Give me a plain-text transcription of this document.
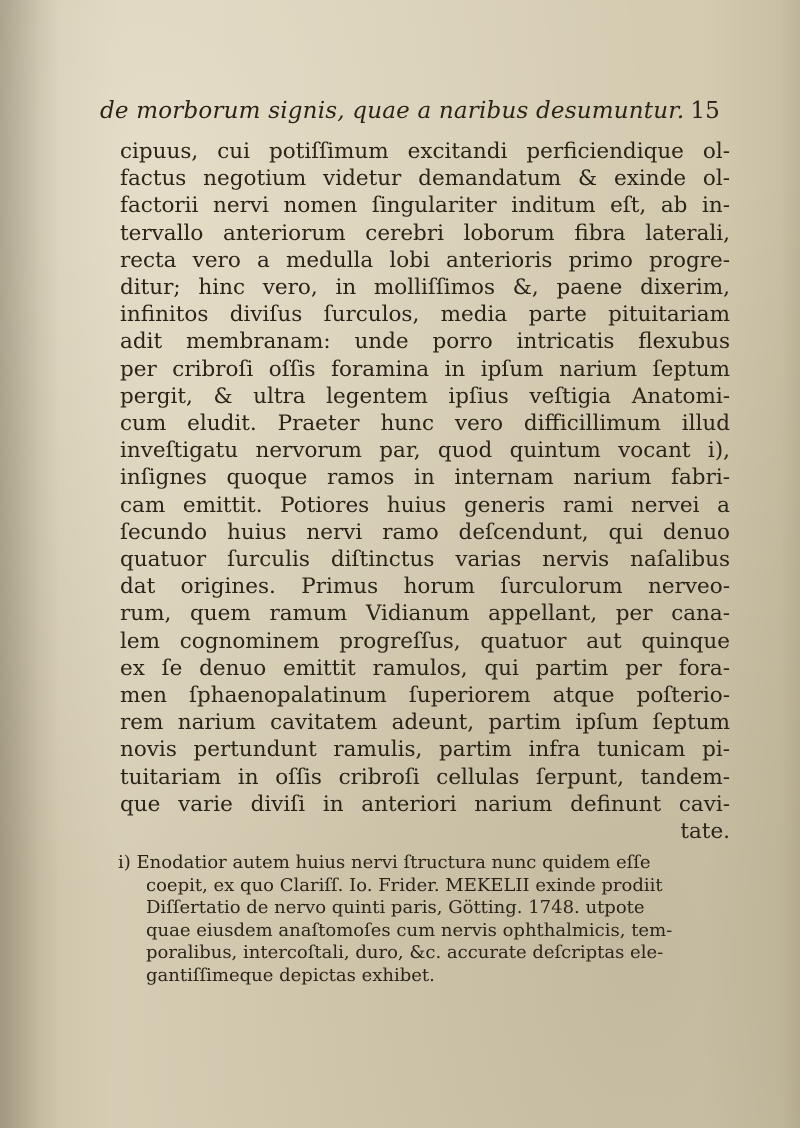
de morborum signis, quae a naribus desumuntur. 15
cipuus, cui potiſſimum excitandi perficiendique ol-
factus negotium videtur demandatum & exinde ol-
factorii nervi nomen ſingulariter inditum eſt, ab in-
tervallo anteriorum cerebri loborum fibra laterali,
recta vero a medulla lobi anterioris primo progre-
ditur; hinc vero, in molliſſimos &, paene dixerim,
infinitos diviſus ſurculos, media parte pituitariam
adit membranam: unde porro intricatis flexubus
per cribroſi oſſis foramina in ipſum narium ſeptum
pergit, & ultra legentem ipſius veſtigia Anatomi-
cum eludit. Praeter hunc vero difficillimum illud
inveſtigatu nervorum par, quod quintum vocant i),
inſignes quoque ramos in internam narium fabri-
cam emittit. Potiores huius generis rami nervei a
ſecundo huius nervi ramo deſcendunt, qui denuo
quatuor ſurculis diſtinctus varias nervis naſalibus
dat origines. Primus horum ſurculorum nerveo-
rum, quem ramum Vidianum appellant, per cana-
lem cognominem progreſſus, quatuor aut quinque
ex ſe denuo emittit ramulos, qui partim per fora-
men ſphaenopalatinum ſuperiorem atque poſterio-
rem narium cavitatem adeunt, partim ipſum ſeptum
novis pertundunt ramulis, partim infra tunicam pi-
tuitariam in oſſis cribroſi cellulas ſerpunt, tandem-
que varie diviſi in anteriori narium definunt cavi-
tate.
i) Enodatior autem huius nervi ſtructura nunc quidem eſſe
coepit, ex quo Clariſſ. Io. Frider. MEKELII exinde prodiit
Diſſertatio de nervo quinti paris, Götting. 1748. utpote
quae eiusdem anaſtomoſes cum nervis ophthalmicis, tem-
poralibus, intercoſtali, duro, &c. accurate deſcriptas ele-
gantiſſimeque depictas exhibet.
